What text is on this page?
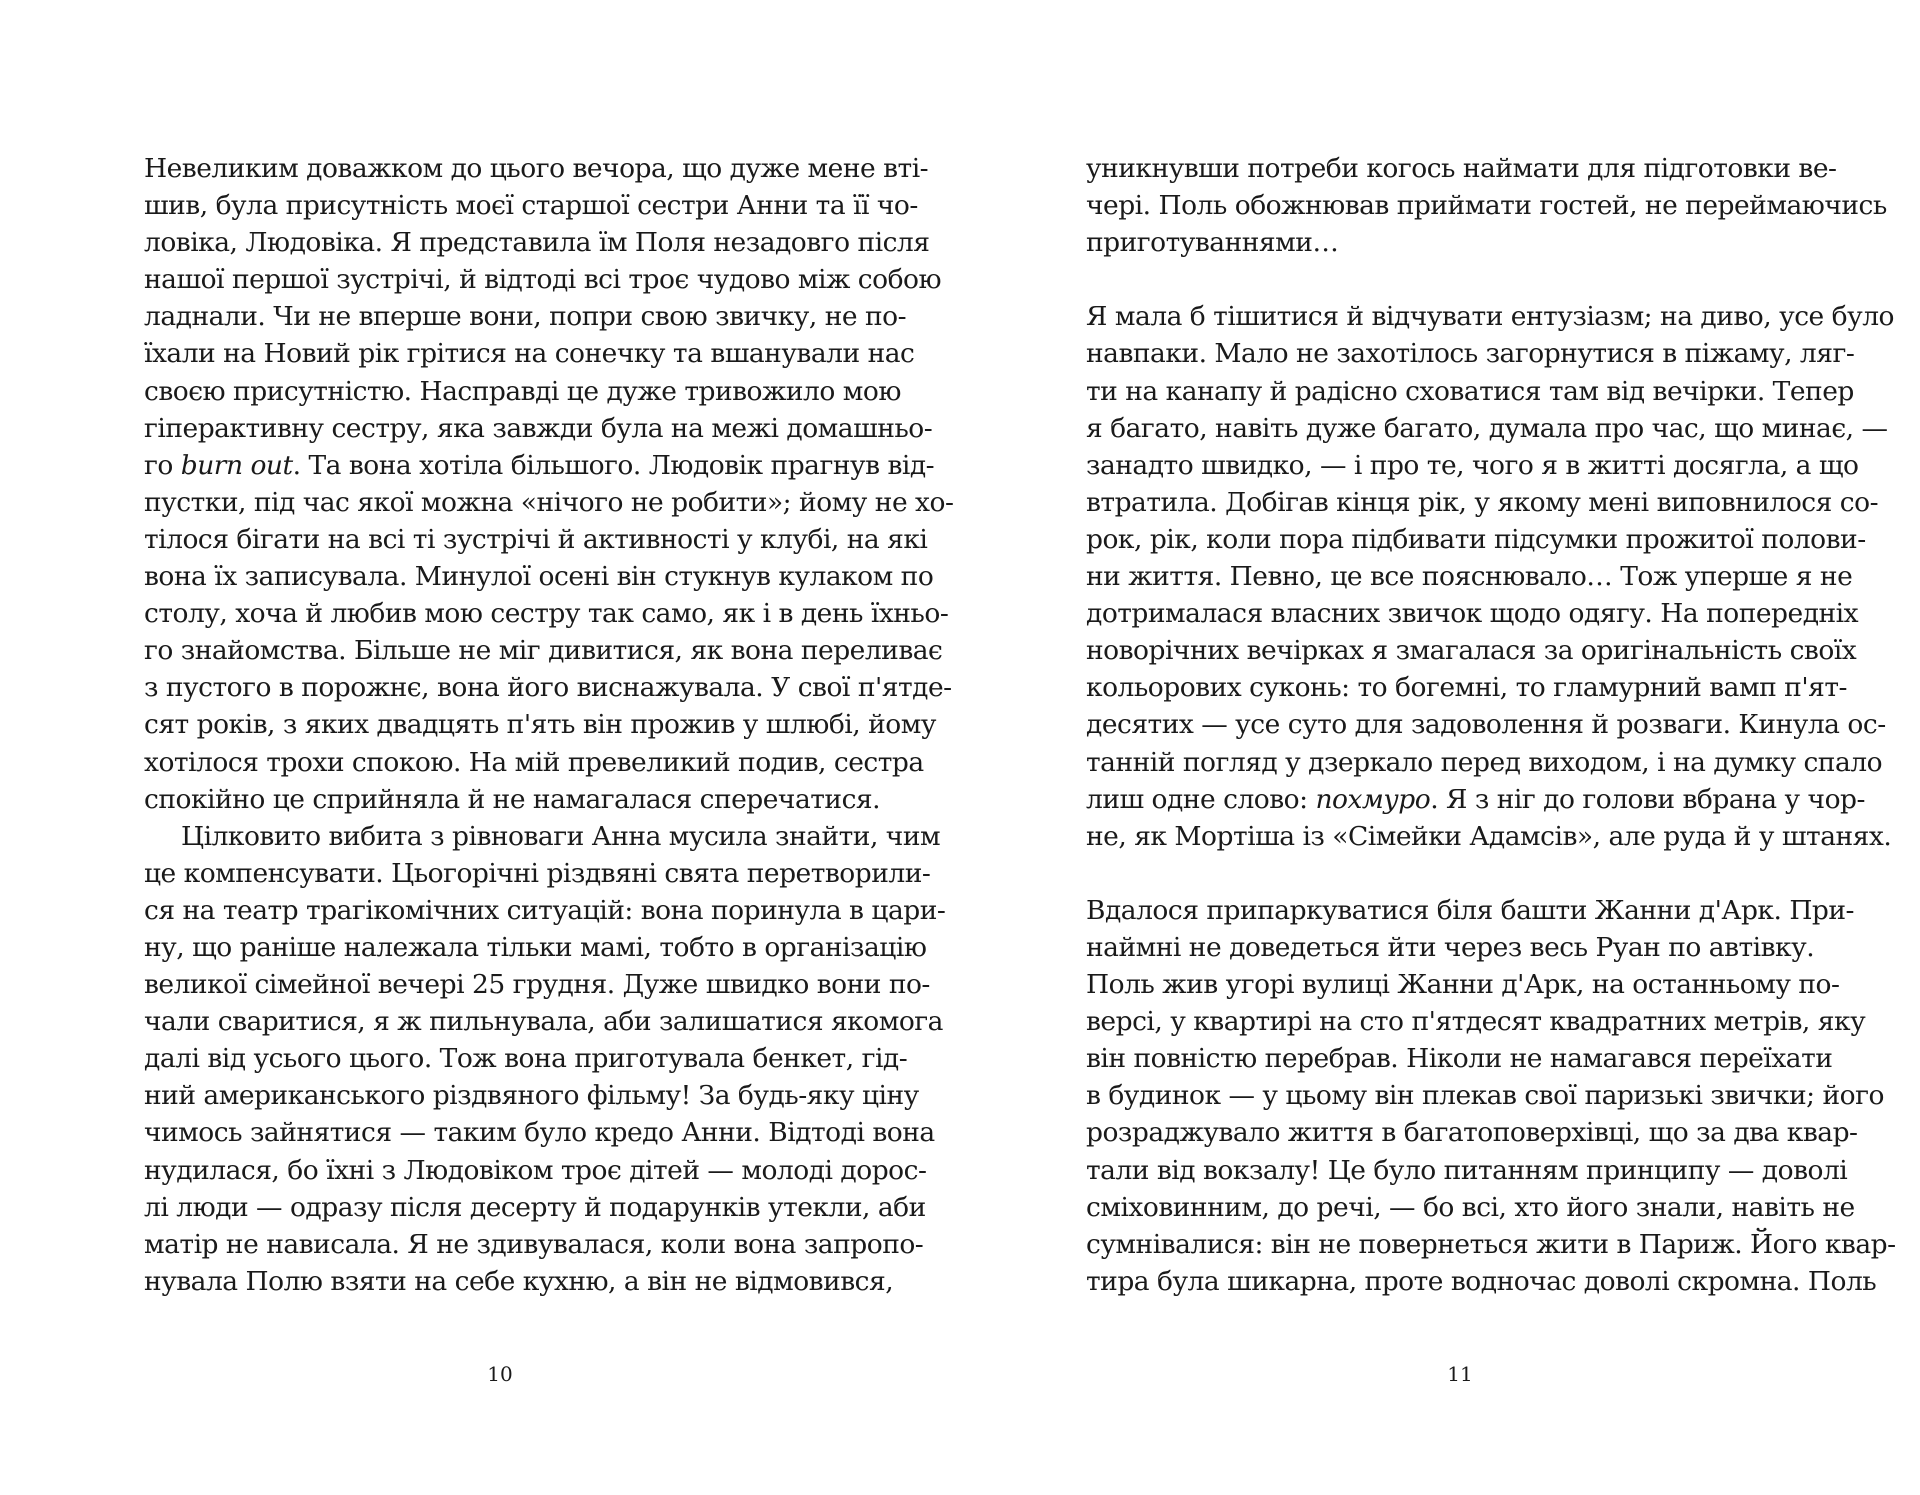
Невеликим доважком до цього вечора, що дуже мене вті-
шив, була присутність моєї старшої сестри Анни та її чо-
ловіка, Людовіка. Я представила їм Поля незадовго після
нашої першої зустрічі, й відтоді всі троє чудово між собою
ладнали. Чи не вперше вони, попри свою звичку, не по-
їхали на Новий рік грітися на сонечку та вшанували нас
своєю присутністю. Насправді це дуже тривожило мою
гіперактивну сестру, яка завжди була на межі домашньо-
го burn out. Та вона хотіла більшого. Людовік прагнув від-
пустки, під час якої можна «нічого не робити»; йому не хо-
тілося бігати на всі ті зустрічі й активності у клубі, на які
вона їх записувала. Минулої осені він стукнув кулаком по
столу, хоча й любив мою сестру так само, як і в день їхньо-
го знайомства. Більше не міг дивитися, як вона переливає
з пустого в порожнє, вона його виснажувала. У свої п'ятде-
сят років, з яких двадцять п'ять він прожив у шлюбі, йому
хотілося трохи спокою. На мій превеликий подив, сестра
спокійно це сприйняла й не намагалася сперечатися.
Цілковито вибита з рівноваги Анна мусила знайти, чим
це компенсувати. Цьогорічні різдвяні свята перетворили-
ся на театр трагікомічних ситуацій: вона поринула в цари-
ну, що раніше належала тільки мамі, тобто в організацію
великої сімейної вечері 25 грудня. Дуже швидко вони по-
чали сваритися, я ж пильнувала, аби залишатися якомога
далі від усього цього. Тож вона приготувала бенкет, гід-
ний американського різдвяного фільму! За будь-яку ціну
чимось зайнятися — таким було кредо Анни. Відтоді вона
нудилася, бо їхні з Людовіком троє дітей — молоді дорос-
лі люди — одразу після десерту й подарунків утекли, аби
матір не нависала. Я не здивувалася, коли вона запропо-
нувала Полю взяти на себе кухню, а він не відмовився,
10
уникнувши потреби когось наймати для підготовки ве-
чері. Поль обожнював приймати гостей, не переймаючись
приготуваннями…
Я мала б тішитися й відчувати ентузіазм; на диво, усе було
навпаки. Мало не захотілось загорнутися в піжаму, ляг-
ти на канапу й радісно сховатися там від вечірки. Тепер
я багато, навіть дуже багато, думала про час, що минає, —
занадто швидко, — і про те, чого я в житті досягла, а що
втратила. Добігав кінця рік, у якому мені виповнилося со-
рок, рік, коли пора підбивати підсумки прожитої полови-
ни життя. Певно, це все пояснювало… Тож уперше я не
дотрималася власних звичок щодо одягу. На попередніх
новорічних вечірках я змагалася за оригінальність своїх
кольорових суконь: то богемні, то гламурний вамп п'ят-
десятих — усе суто для задоволення й розваги. Кинула ос-
танній погляд у дзеркало перед виходом, і на думку спало
лиш одне слово: похмуро. Я з ніг до голови вбрана у чор-
не, як Мортіша із «Сімейки Адамсів», але руда й у штанях.
Вдалося припаркуватися біля башти Жанни д'Арк. При-
наймні не доведеться йти через весь Руан по автівку.
Поль жив угорі вулиці Жанни д'Арк, на останньому по-
версі, у квартирі на сто п'ятдесят квадратних метрів, яку
він повністю перебрав. Ніколи не намагався переїхати
в будинок — у цьому він плекав свої паризькі звички; його
розраджувало життя в багатоповерхівці, що за два квар-
тали від вокзалу! Це було питанням принципу — доволі
сміховинним, до речі, — бо всі, хто його знали, навіть не
сумнівалися: він не повернеться жити в Париж. Його квар-
тира була шикарна, проте водночас доволі скромна. Поль
11
